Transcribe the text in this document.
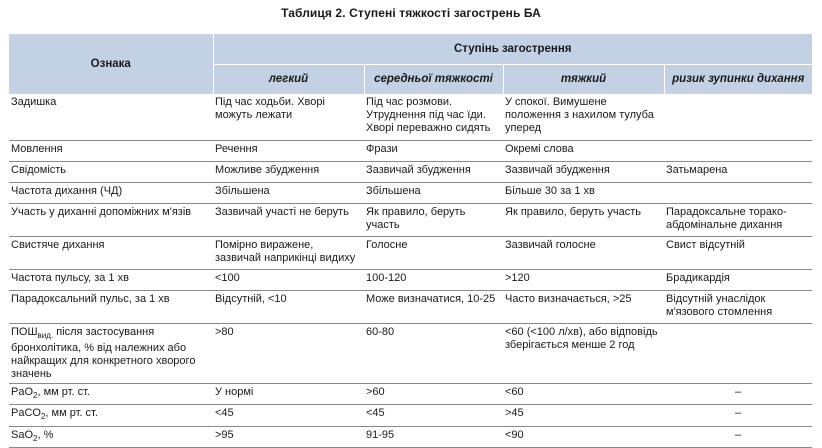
Таблиця 2. Ступені тяжкості загострень БА
Ознака	Ступінь загострення			
	легкий	середньої тяжкості	тяжкий	ризик зупинки дихання
Задишка	Під час ходьби. Хворі можуть лежати	Під час розмови. Утруднення під час їди. Хворі переважно сидять	У спокої. Вимушене положення з нахилом тулуба уперед	
Мовлення	Речення	Фрази	Окремі слова	
Свідомість	Можливе збудження	Зазвичай збудження	Зазвичай збудження	Затьмарена
Частота дихання (ЧД)	Збільшена	Збільшена	Більше 30 за 1 хв	
Участь у диханні допоміжних м'язів	Зазвичай участі не беруть	Як правило, беруть участь	Як правило, беруть участь	Парадоксальне торако-абдомінальне дихання
Свистяче дихання	Помірно виражене, зазвичай наприкінці видиху	Голосне	Зазвичай голосне	Свист відсутній
Частота пульсу, за 1 хв	<100	100-120	>120	Брадикардія
Парадоксальний пульс, за 1 хв	Відсутній, <10	Може визначатися, 10-25	Часто визначається, >25	Відсутній унаслідок м'язового стомлення
$ПОШ_{вид.}$ після застосування бронхолітика, % від належних або найкращих для конкретного хворого значень	>80	60-80	<60 (<100 л/хв), або відповідь зберігається менше 2 год	
PaO$_2$, мм рт. ст.	У нормі	>60	<60	–
PaCO$_2$, мм рт. ст.	<45	<45	>45	–
SaO$_2$, %	>95	91-95	<90	–
